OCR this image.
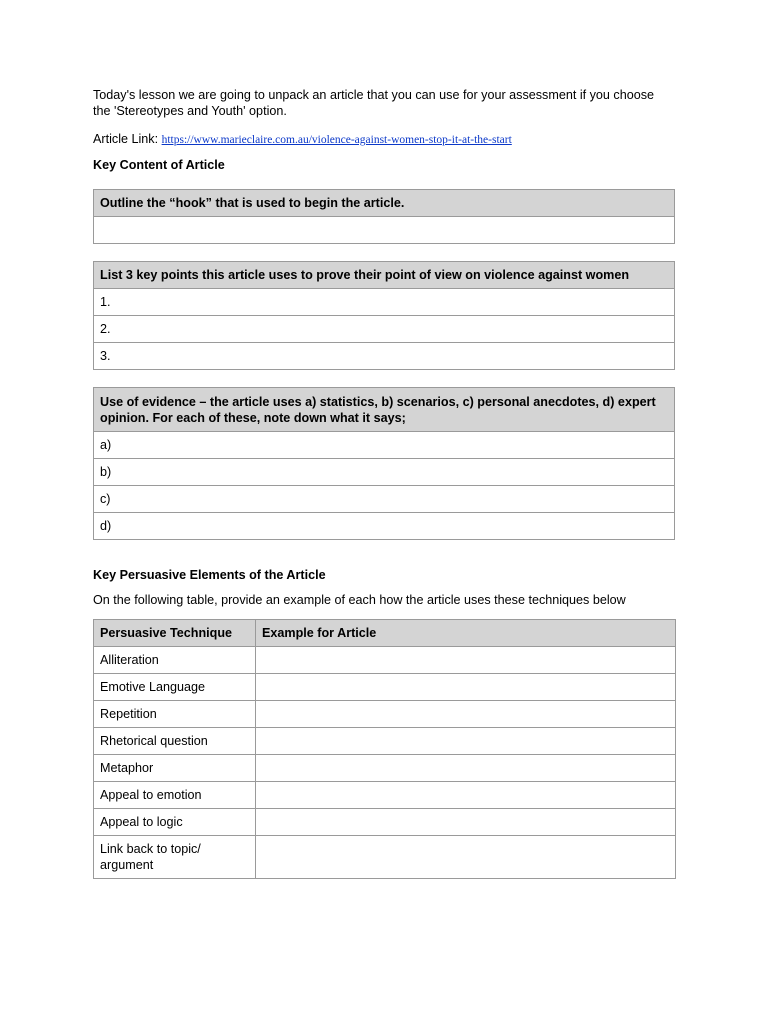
Today's lesson we are going to unpack an article that you can use for your assessment if you choose the 'Stereotypes and Youth' option.

Article Link: https://www.marieclaire.com.au/violence-against-women-stop-it-at-the-start
Key Content of Article
Outline the “hook” that is used to begin the article.

List 3 key points this article uses to prove their point of view on violence against women
1.
2.
3.
Use of evidence – the article uses a) statistics, b) scenarios, c) personal anecdotes, d) expert opinion. For each of these, note down what it says;
a)
b)
c)
d)
Key Persuasive Elements of the Article
On the following table, provide an example of each how the article uses these techniques below
Persuasive Technique	Example for Article
Alliteration	
Emotive Language	
Repetition	
Rhetorical question	
Metaphor	
Appeal to emotion	
Appeal to logic	
Link back to topic/ argument	
